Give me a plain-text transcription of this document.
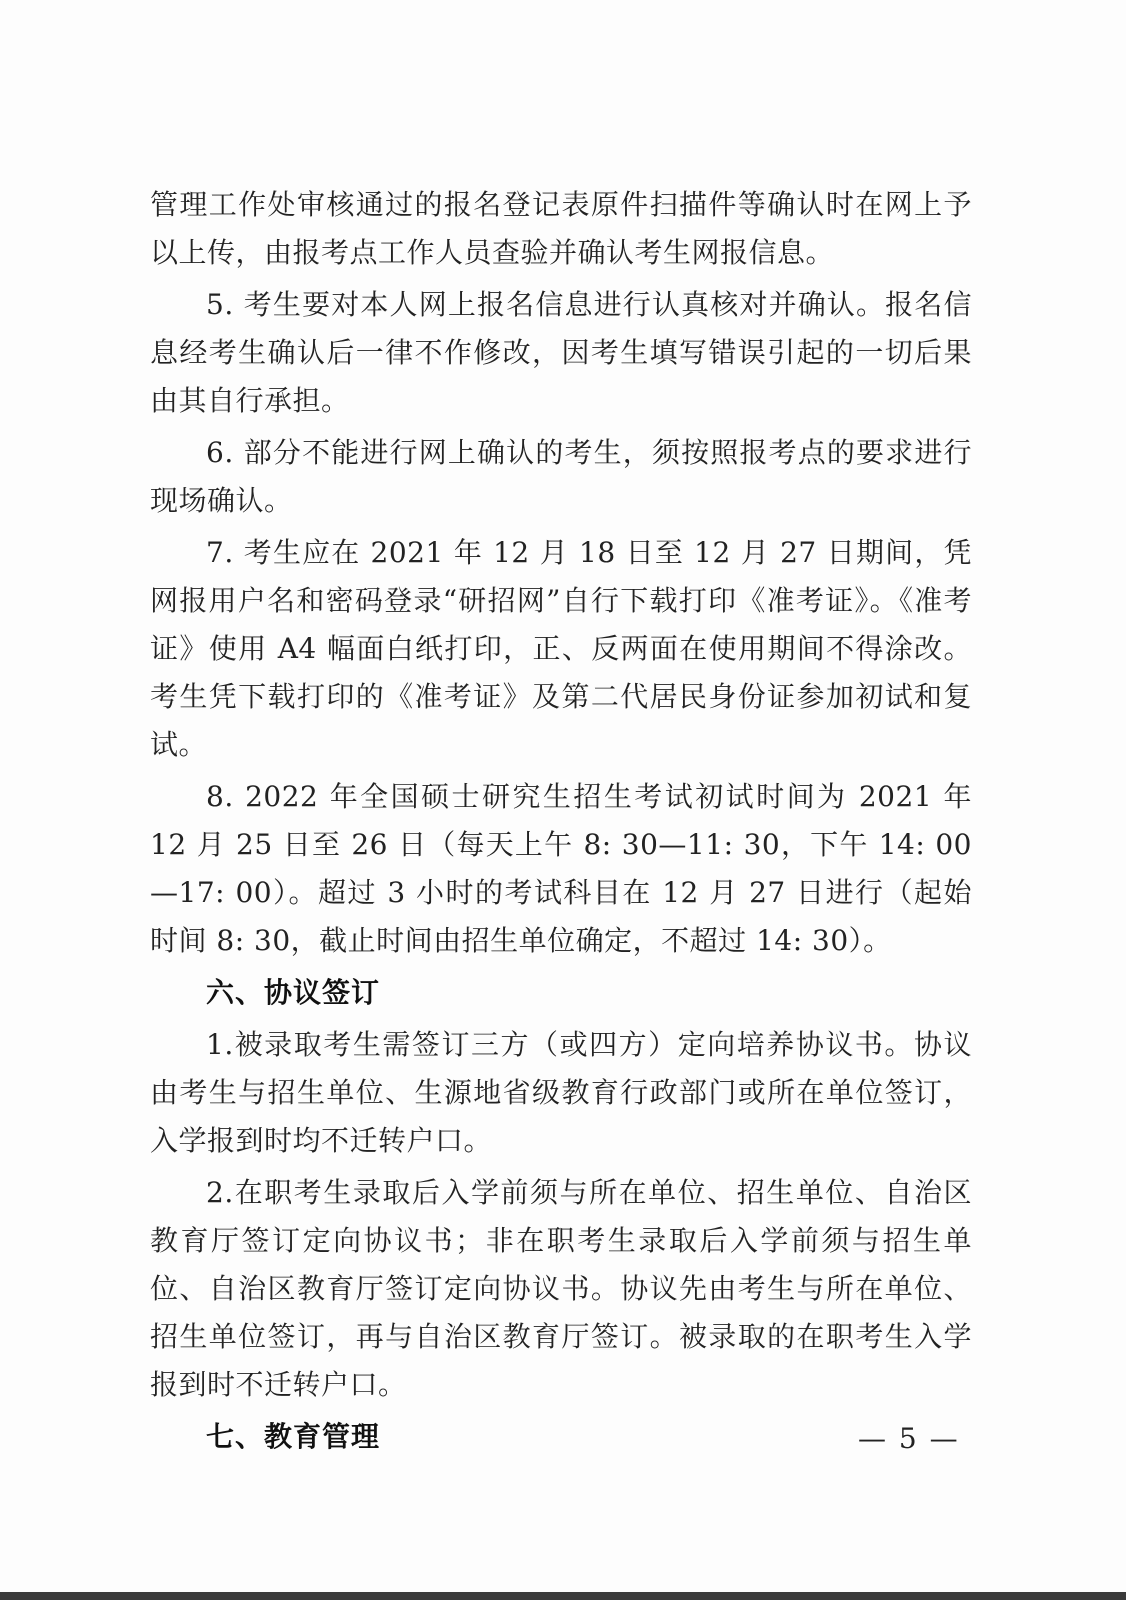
管理工作处审核通过的报名登记表原件扫描件等确认时在网上予以上传，由报考点工作人员查验并确认考生网报信息。

5. 考生要对本人网上报名信息进行认真核对并确认。报名信息经考生确认后一律不作修改，因考生填写错误引起的一切后果由其自行承担。

6. 部分不能进行网上确认的考生，须按照报考点的要求进行现场确认。

7. 考生应在 2021 年 12 月 18 日至 12 月 27 日期间，凭网报用户名和密码登录“研招网”自行下载打印《准考证》。《准考证》使用 A4 幅面白纸打印，正、反两面在使用期间不得涂改。考生凭下载打印的《准考证》及第二代居民身份证参加初试和复试。

8. 2022 年全国硕士研究生招生考试初试时间为 2021 年 12 月 25 日至 26 日（每天上午 8: 30—11: 30，下午 14: 00—17: 00）。超过 3 小时的考试科目在 12 月 27 日进行（起始时间 8: 30，截止时间由招生单位确定，不超过 14: 30）。

六、协议签订

1.被录取考生需签订三方（或四方）定向培养协议书。协议由考生与招生单位、生源地省级教育行政部门或所在单位签订，入学报到时均不迁转户口。

2.在职考生录取后入学前须与所在单位、招生单位、自治区教育厅签订定向协议书；非在职考生录取后入学前须与招生单位、自治区教育厅签订定向协议书。协议先由考生与所在单位、招生单位签订，再与自治区教育厅签订。被录取的在职考生入学报到时不迁转户口。

七、教育管理	— 5 —
